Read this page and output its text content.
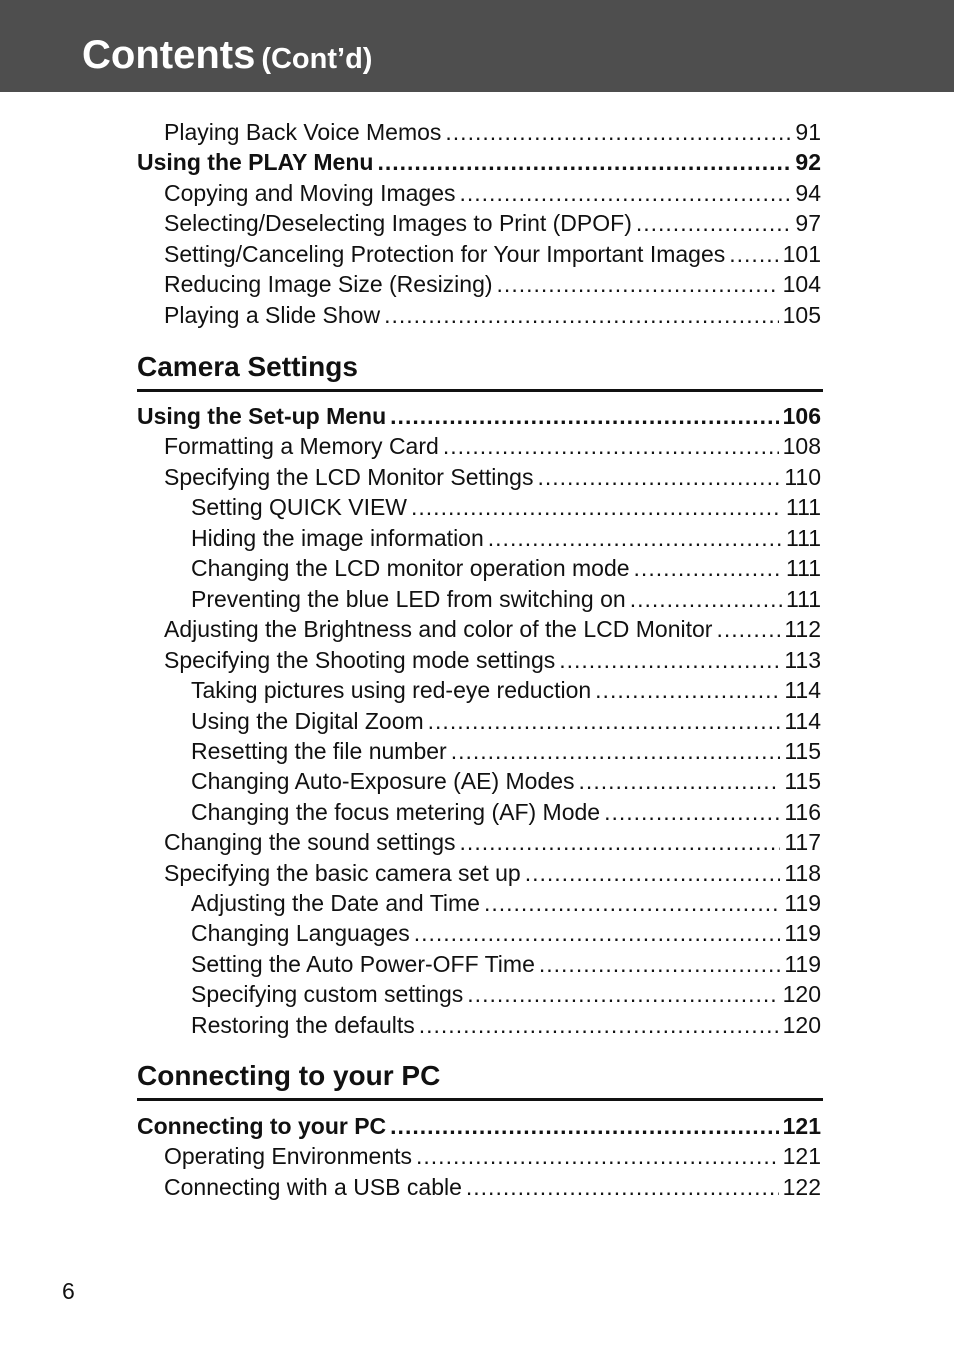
Contents (Cont’d)
Camera Settings
Connecting to your PC
Playing Back Voice Memos .....	91
Using the PLAY Menu .....	92
Copying and Moving Images .....	94
Selecting/Deselecting Images to Print (DPOF) .....	97
Setting/Canceling Protection for Your Important Images ..... 101
Reducing Image Size (Resizing) .....	104
Playing a Slide Show .....	105
Using the Set-up Menu .....	106
Formatting a Memory Card .....	108
Specifying the LCD Monitor Settings .....	110
Setting QUICK VIEW .....	111
Hiding the image information .....	111
Changing the LCD monitor operation mode .....	111
Preventing the blue LED from switching on .....	111
Adjusting the Brightness and color of the LCD Monitor .....	112
Specifying the Shooting mode settings .....	113
Taking pictures using red-eye reduction .....	114
Using the Digital Zoom .....	114
Resetting the file number .....	115
Changing Auto-Exposure (AE) Modes .....	115
Changing the focus metering (AF) Mode .....	116
Changing the sound settings .....	117
Specifying the basic camera set up .....	118
Adjusting the Date and Time .....	119
Changing Languages .....	119
Setting the Auto Power-OFF Time .....	119
Specifying custom settings .....	120
Restoring the defaults .....	120
Connecting to your PC .....	121
Operating Environments .....	121
Connecting with a USB cable .....	122
6
